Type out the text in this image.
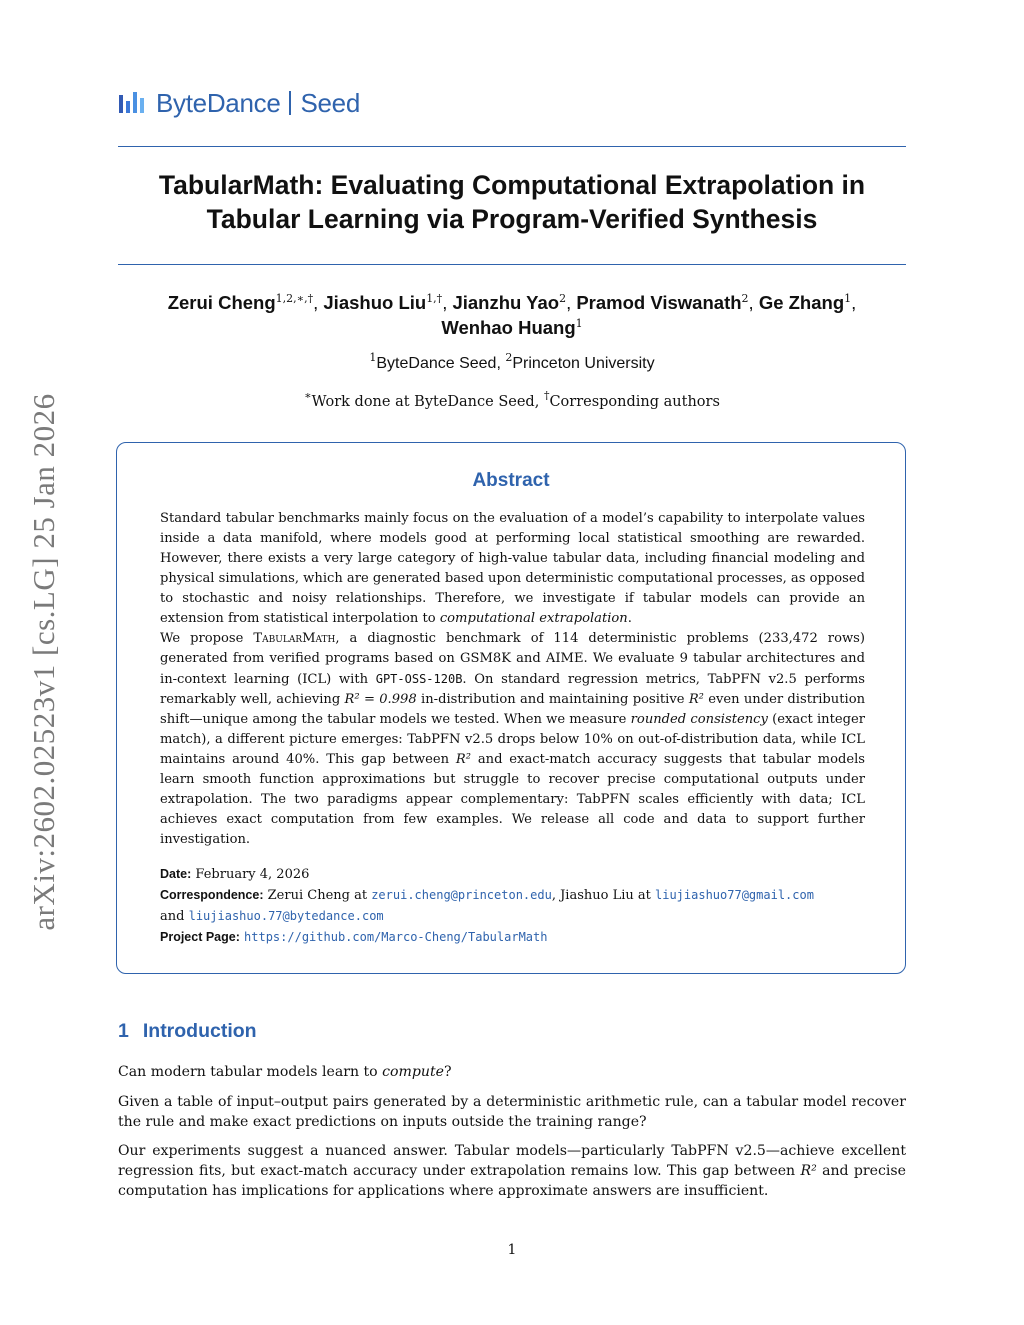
ByteDance Seed
TabularMath: Evaluating Computational Extrapolation in
Tabular Learning via Program-Verified Synthesis
Zerui Cheng$^{1,2,∗,\dagger}$, Jiashuo Liu$^{1,\dagger}$, Jianzhu Yao$^2$, Pramod Viswanath$^2$, Ge Zhang$^1$,
Wenhao Huang$^1$
$^1$ByteDance Seed, $^2$Princeton University
∗Work done at ByteDance Seed, †Corresponding authors
arXiv:2602.02523v1 [cs.LG] 25 Jan 2026	Abstract

Standard tabular benchmarks mainly focus on the evaluation of a model’s capability to interpolate values inside a data manifold, where models good at performing local statistical smoothing are rewarded. However, there exists a very large category of high-value tabular data, including financial modeling and physical simulations, which are generated based upon deterministic computational processes, as opposed to stochastic and noisy relationships. Therefore, we investigate if tabular models can provide an extension from statistical interpolation to computational extrapolation.

We propose TabularMath, a diagnostic benchmark of 114 deterministic problems (233,472 rows) generated from verified programs based on GSM8K and AIME. We evaluate 9 tabular architectures and in-context learning (ICL) with GPT-OSS-120B. On standard regression metrics, TabPFN v2.5 performs remarkably well, achieving R² = 0.998 in-distribution and maintaining positive R² even under distribution shift—unique among the tabular models we tested. When we measure rounded consistency (exact integer match), a different picture emerges: TabPFN v2.5 drops below 10% on out-of-distribution data, while ICL maintains around 40%. This gap between R² and exact-match accuracy suggests that tabular models learn smooth function approximations but struggle to recover precise computational outputs under extrapolation. The two paradigms appear complementary: TabPFN scales efficiently with data; ICL achieves exact computation from few examples. We release all code and data to support further investigation.

Date: February 4, 2026
Correspondence: Zerui Cheng at zerui.cheng@princeton.edu, Jiashuo Liu at liujiashuo77@gmail.com
and liujiashuo.77@bytedance.com
Project Page: https://github.com/Marco-Cheng/TabularMath
1 Introduction
Can modern tabular models learn to compute?
Given a table of input–output pairs generated by a deterministic arithmetic rule, can a tabular model recover the rule and make exact predictions on inputs outside the training range?
Our experiments suggest a nuanced answer. Tabular models—particularly TabPFN v2.5—achieve excellent regression fits, but exact-match accuracy under extrapolation remains low. This gap between R² and precise computation has implications for applications where approximate answers are insufficient.
1
